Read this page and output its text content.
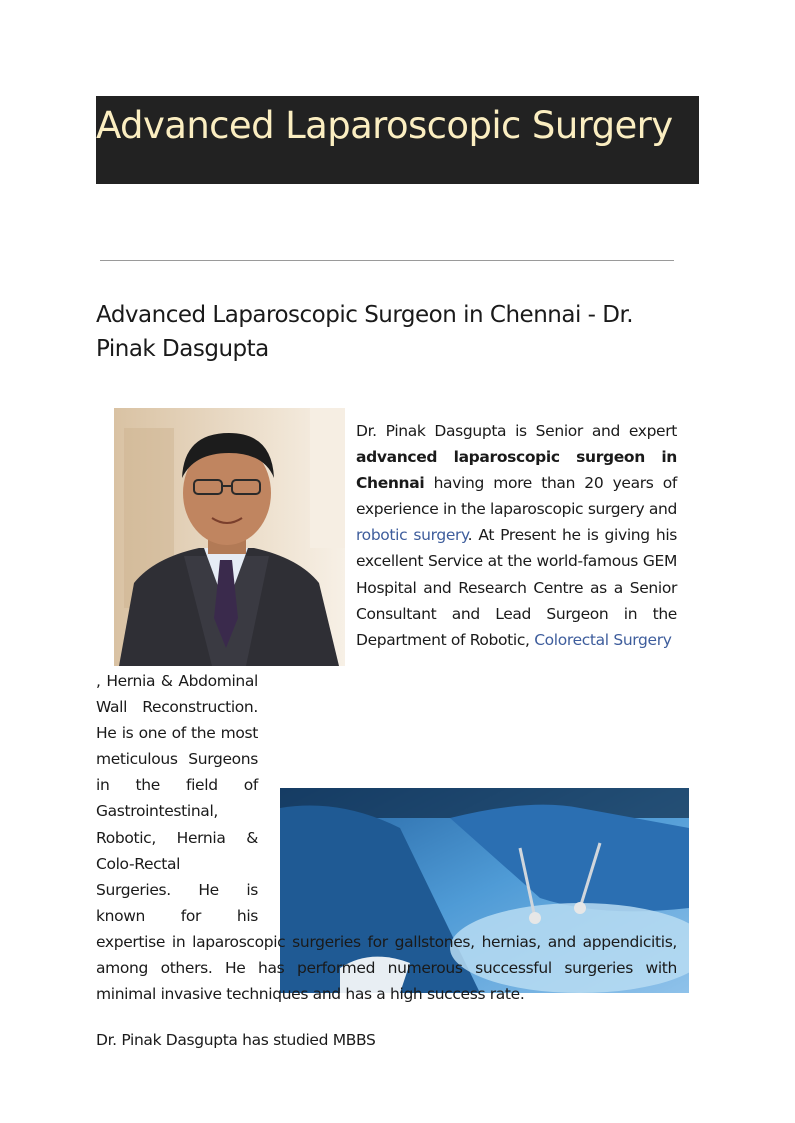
Advanced Laparoscopic Surgery
Advanced Laparoscopic Surgeon in Chennai - Dr.
Pinak Dasgupta

Dr. Pinak Dasgupta is Senior and expert advanced laparoscopic surgeon in Chennai having more than 20 years of experience in the laparoscopic surgery and robotic surgery. At Present he is giving his excellent Service at the world-famous GEM Hospital and Research Centre as a Senior Consultant and Lead Surgeon in the Department of Robotic, Colorectal Surgery

, Hernia & Abdominal Wall Reconstruction. He is one of the most meticulous Surgeons in the field of Gastrointestinal, Robotic, Hernia & Colo-Rectal Surgeries. He is known for his expertise in laparoscopic surgeries for gallstones, hernias, and appendicitis, among others. He has performed numerous successful surgeries with minimal invasive techniques and has a high success rate.

Dr. Pinak Dasgupta has studied MBBS
